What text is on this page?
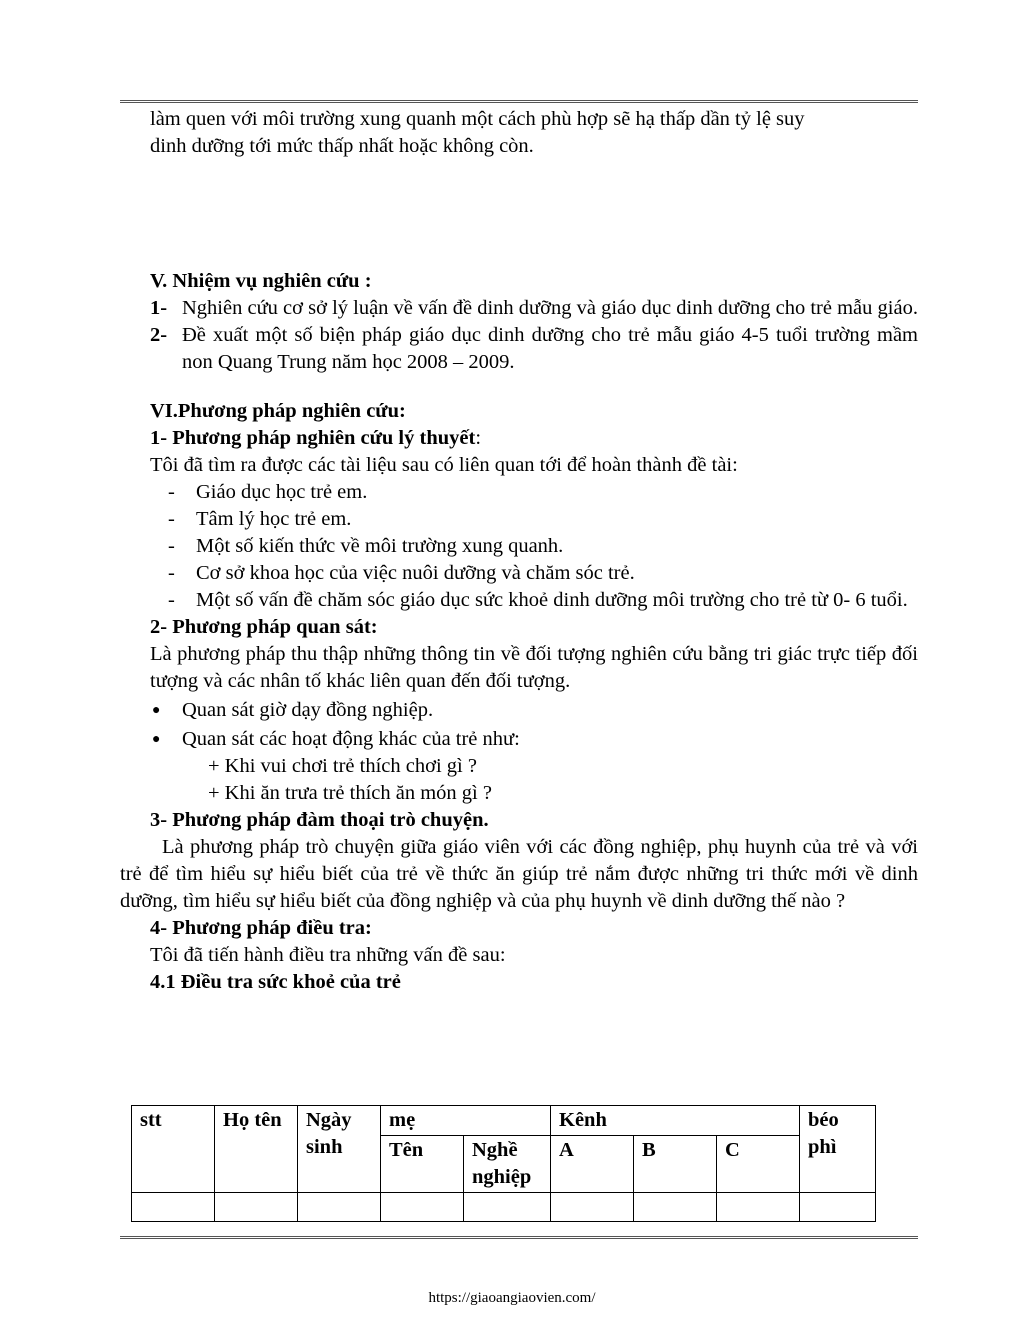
làm quen với môi trường xung quanh một cách phù hợp sẽ hạ thấp dần tỷ lệ suy
dinh dưỡng tới mức thấp nhất hoặc không còn.
V. Nhiệm vụ nghiên cứu :
1- Nghiên cứu cơ sở lý luận về vấn đề dinh dưỡng và giáo dục dinh dưỡng cho trẻ mẫu giáo.
2- Đề xuất một số biện pháp giáo dục dinh dưỡng cho trẻ mẫu giáo 4-5 tuổi trường mầm non Quang Trung năm học 2008 – 2009.
VI.Phương pháp nghiên cứu:
1- Phương pháp nghiên cứu lý thuyết:
Tôi đã tìm ra được các tài liệu sau có liên quan tới để hoàn thành đề tài:
-	Giáo dục học trẻ em.
-	Tâm lý học trẻ em.
-	Một số kiến thức về môi trường xung quanh.
-	Cơ sở khoa học của việc nuôi dưỡng và chăm sóc trẻ.
-	Một số vấn đề chăm sóc giáo dục sức khoẻ dinh dưỡng môi trường cho trẻ từ 0- 6 tuổi.
2- Phương pháp quan sát:
Là phương pháp thu thập những thông tin về đối tượng nghiên cứu bằng tri giác trực tiếp đối tượng và các nhân tố khác liên quan đến đối tượng.
●	Quan sát giờ dạy đồng nghiệp.
●	Quan sát các hoạt động khác của trẻ như:
+ Khi vui chơi trẻ thích chơi gì ?
+ Khi ăn trưa trẻ thích ăn món gì ?
3- Phương pháp đàm thoại trò chuyện.
Là phương pháp trò chuyện giữa giáo viên với các đồng nghiệp, phụ huynh của trẻ và với trẻ để tìm hiểu sự hiểu biết của trẻ về thức ăn giúp trẻ nắm được những tri thức mới về dinh dưỡng, tìm hiểu sự hiểu biết của đồng nghiệp và của phụ huynh về dinh dưỡng thế nào ?
4- Phương pháp điều tra:
Tôi đã tiến hành điều tra những vấn đề sau:
4.1 Điều tra sức khoẻ của trẻ
stt	Họ tên	Ngày sinh	mẹ		Kênh			béo phì
			Tên	Nghề nghiệp	A	B	C	

https://giaoangiaovien.com/
